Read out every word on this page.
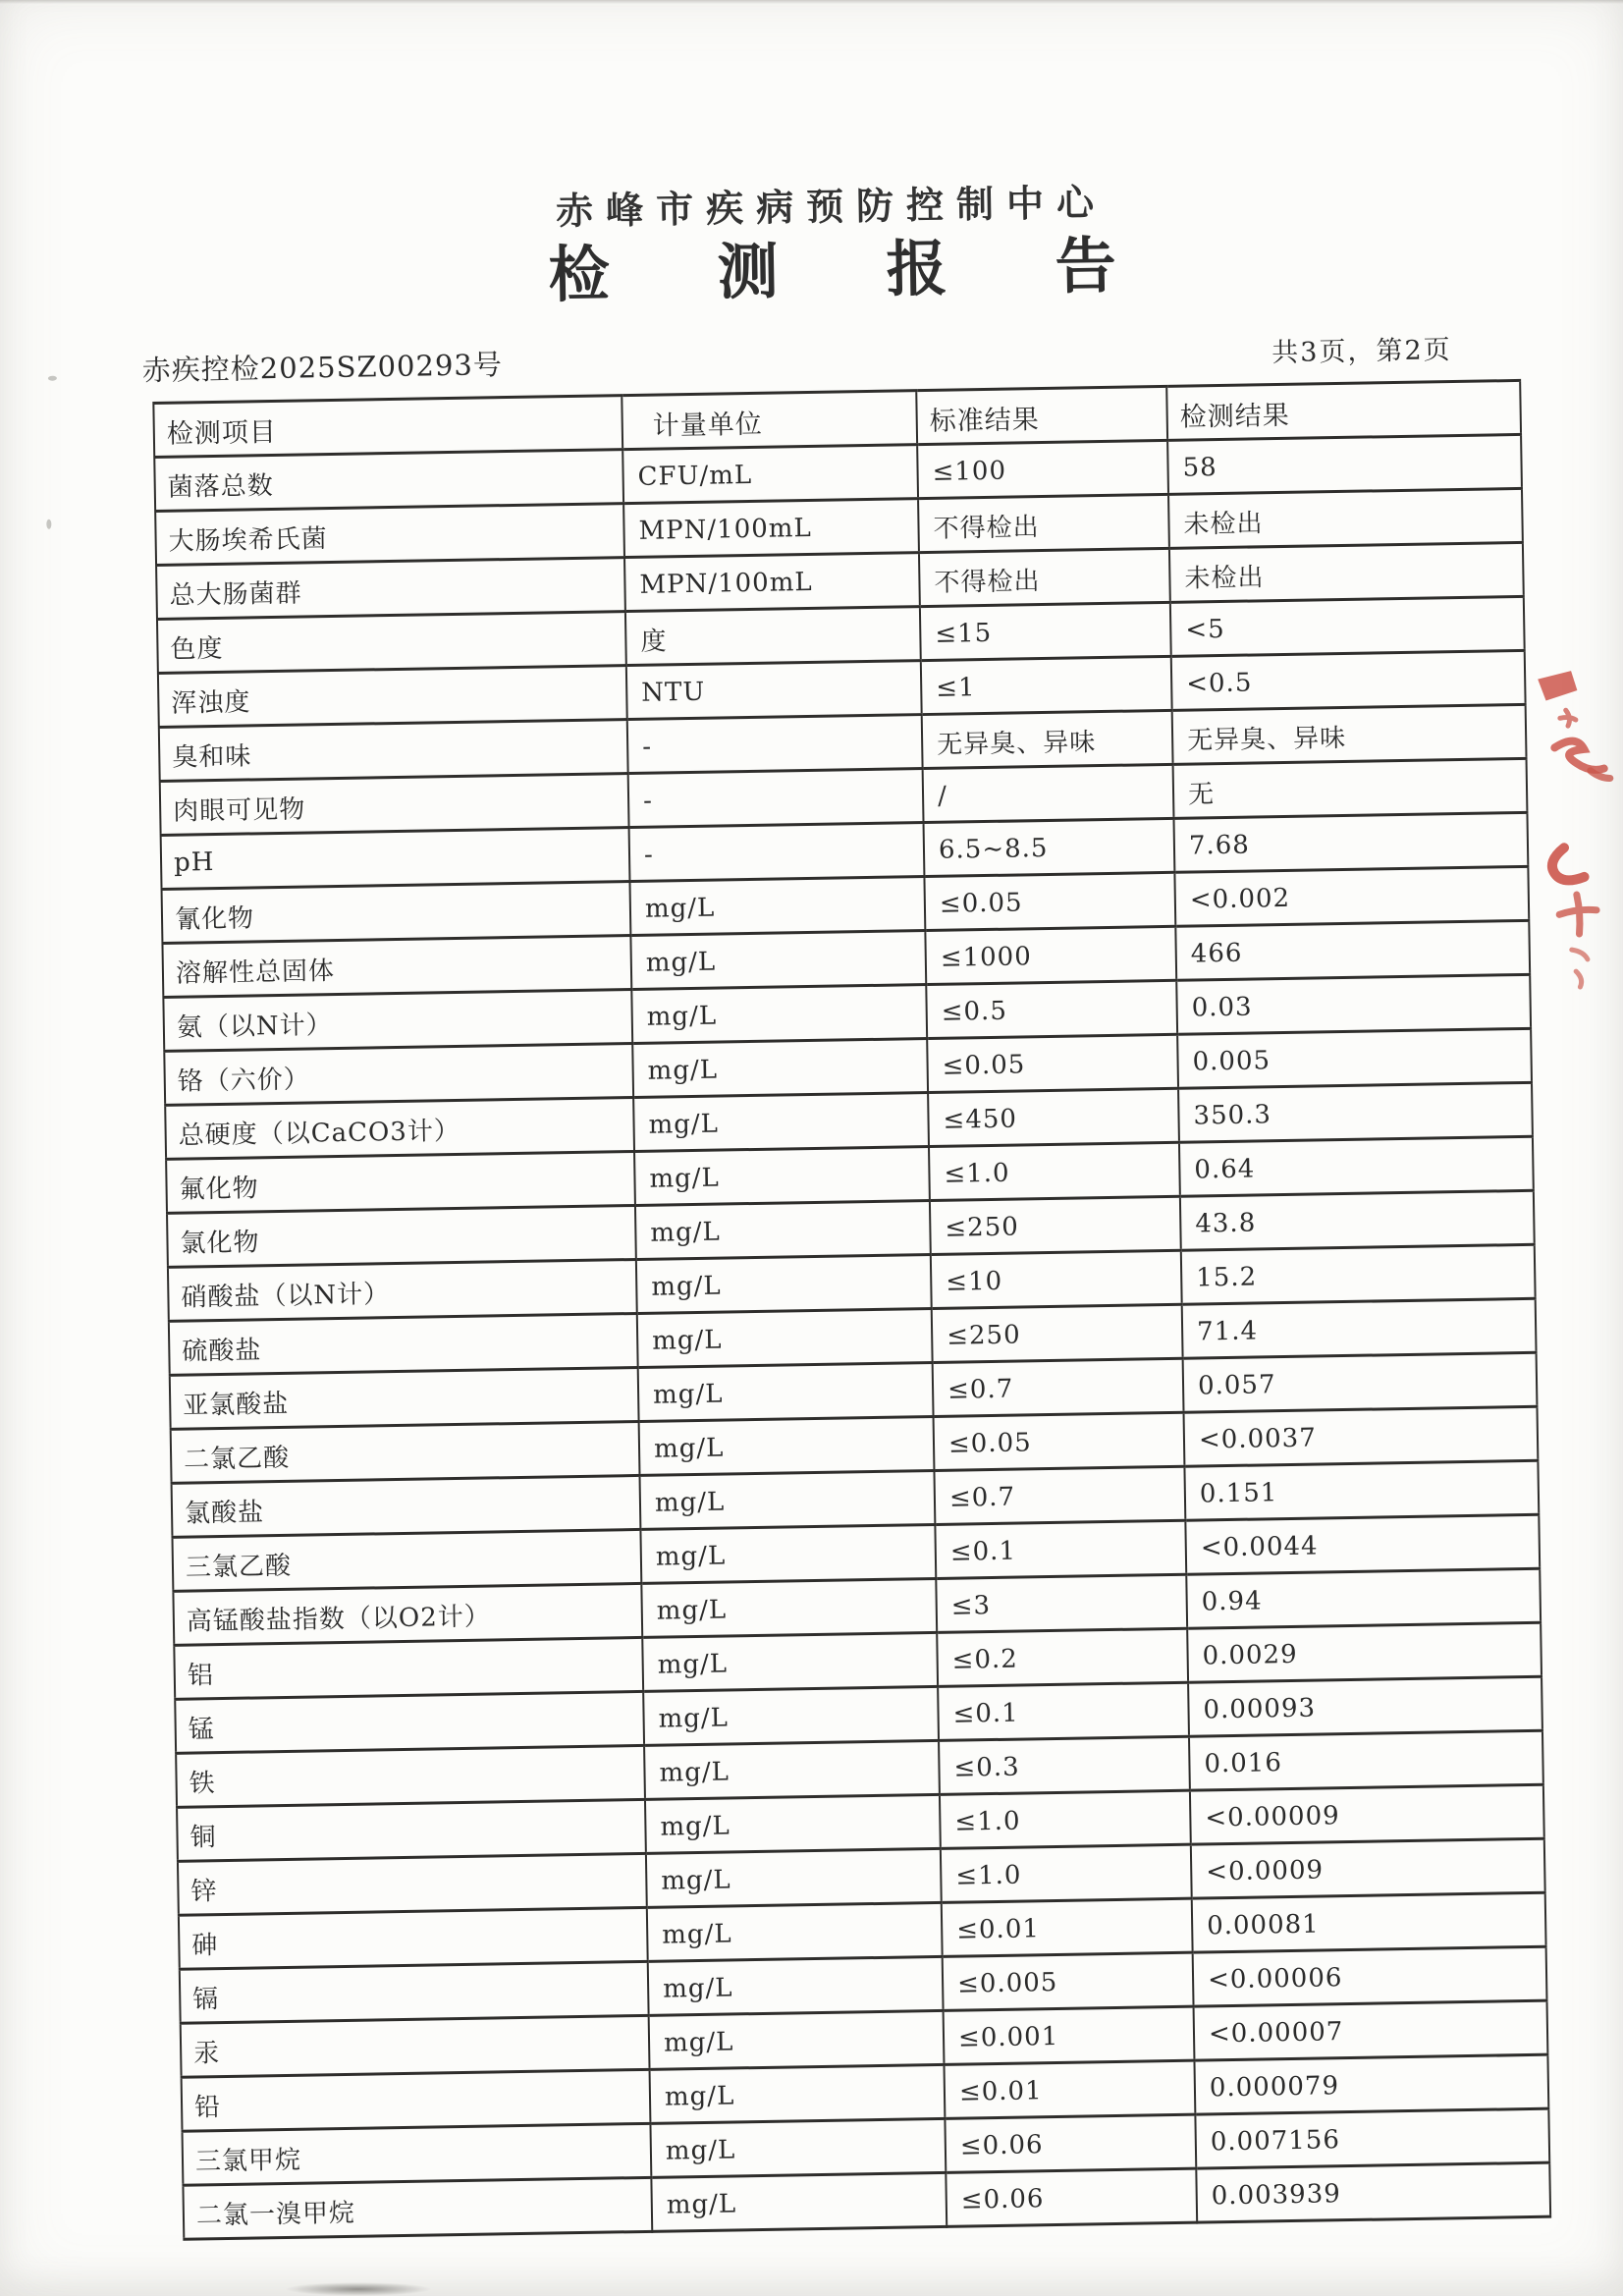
赤峰市疾病预防控制中心
检测报告
赤疾控检2025SZ00293号	共3页，第2页
检测项目	计量单位	标准结果	检测结果
菌落总数	CFU/mL	≤100	58
大肠埃希氏菌	MPN/100mL	不得检出	未检出
总大肠菌群	MPN/100mL	不得检出	未检出
色度	度	≤15	<5
浑浊度	NTU	≤1	<0.5
臭和味	-	无异臭、异味	无异臭、异味
肉眼可见物	-	/	无
pH	-	6.5~8.5	7.68
氰化物	mg/L	≤0.05	<0.002
溶解性总固体	mg/L	≤1000	466
氨（以N计）	mg/L	≤0.5	0.03
铬（六价）	mg/L	≤0.05	0.005
总硬度（以CaCO3计）	mg/L	≤450	350.3
氟化物	mg/L	≤1.0	0.64
氯化物	mg/L	≤250	43.8
硝酸盐（以N计）	mg/L	≤10	15.2
硫酸盐	mg/L	≤250	71.4
亚氯酸盐	mg/L	≤0.7	0.057
二氯乙酸	mg/L	≤0.05	<0.0037
氯酸盐	mg/L	≤0.7	0.151
三氯乙酸	mg/L	≤0.1	<0.0044
高锰酸盐指数（以O2计）	mg/L	≤3	0.94
铝	mg/L	≤0.2	0.0029
锰	mg/L	≤0.1	0.00093
铁	mg/L	≤0.3	0.016
铜	mg/L	≤1.0	<0.00009
锌	mg/L	≤1.0	<0.0009
砷	mg/L	≤0.01	0.00081
镉	mg/L	≤0.005	<0.00006
汞	mg/L	≤0.001	<0.00007
铅	mg/L	≤0.01	0.000079
三氯甲烷	mg/L	≤0.06	0.007156
二氯一溴甲烷	mg/L	≤0.06	0.003939
